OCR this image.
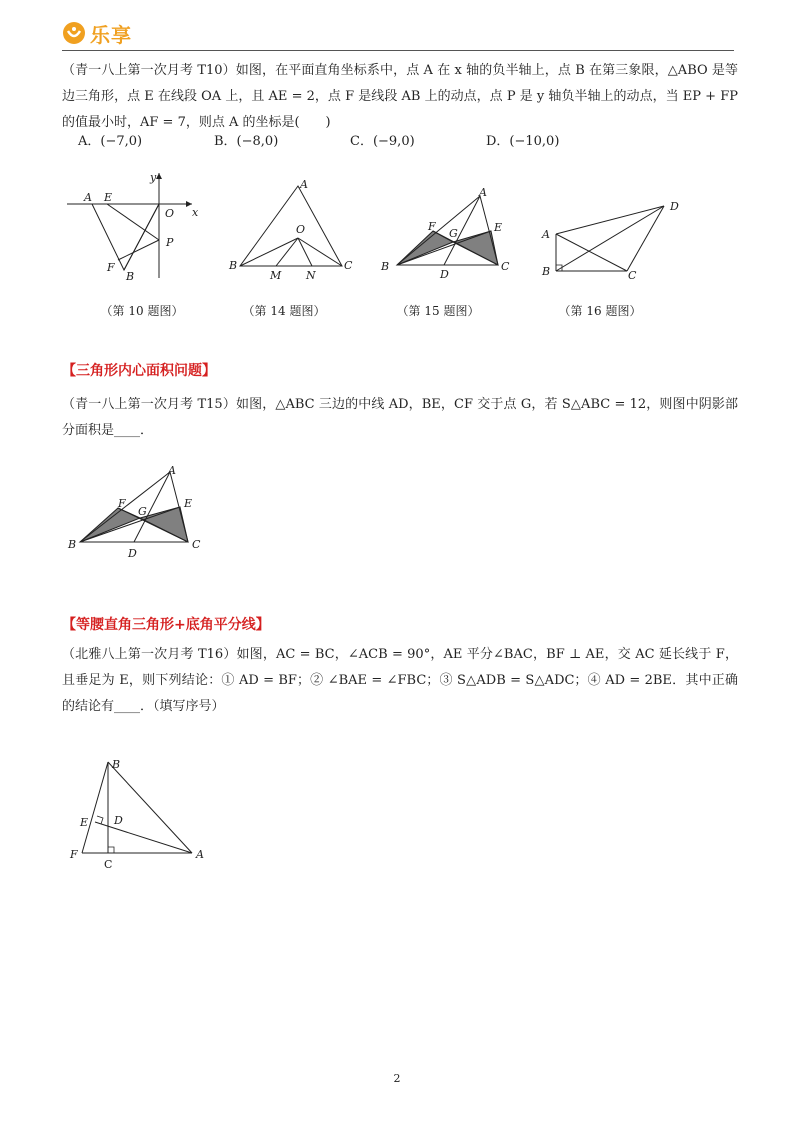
乐享
（青一八上第一次月考 T10）如图，在平面直角坐标系中，点 A 在 x 轴的负半轴上，点 B 在第三象限，△ABO 是等边三角形，点 E 在线段 OA 上，且 AE = 2，点 F 是线段 AB 上的动点，点 P 是 y 轴负半轴上的动点，当 EP + FP 的值最小时，AF = 7，则点 A 的坐标是(　　)
A．(−7,0)	B．(−8,0)	C．(−9,0)	D．(−10,0)
y
A E
O x
P
F
B
A
O
B
M N
C
A
F
G	E
B
D
C
D
A
B	C
（第 10 题图）	（第 14 题图）	（第 15 题图）	（第 16 题图）
【三角形内心面积问题】
（青一八上第一次月考 T15）如图，△ABC 三边的中线 AD，BE，CF 交于点 G，若 S△ABC = 12，则图中阴影部分面积是____．
A
F
G
E
B
D
C
【等腰直角三角形+底角平分线】
（北雅八上第一次月考 T16）如图，AC = BC，∠ACB = 90°，AE 平分∠BAC，BF ⊥ AE，交 AC 延长线于 F，且垂足为 E，则下列结论：① AD = BF；② ∠BAE = ∠FBC；③ S△ADB = S△ADC；④ AD = 2BE．其中正确的结论有____．（填写序号）
B
E D
F
C
A
2
